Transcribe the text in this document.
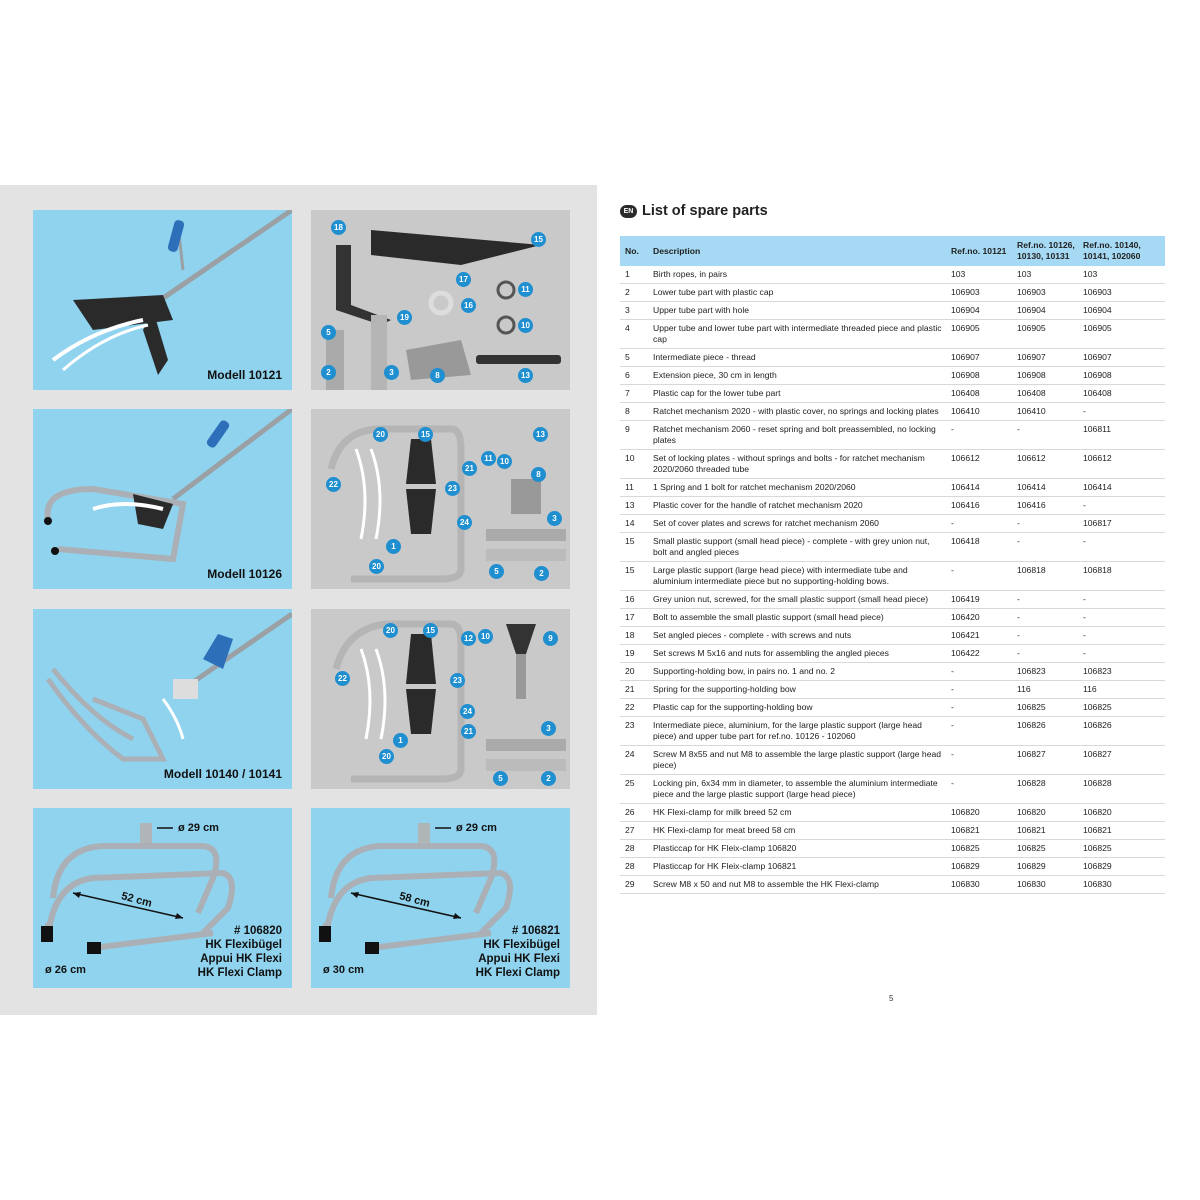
Modell 10121
18
15
17
16
11
19
10
5
2	3	8	13
Modell 10126
20	15	13
11 10
21
8
22	23
24
1
3
20
5	2
Modell 10140 / 10141
20	15
12	10	9
22	23
24
1
3
21
20
5	2
ø 29 cm
52 cm
ø 26 cm
# 106820
HK Flexibügel
Appui HK Flexi
HK Flexi Clamp
ø 29 cm
58 cm
ø 30 cm
# 106821
HK Flexibügel
Appui HK Flexi
HK Flexi Clamp
EN List of spare parts
No.	Description	Ref.no. 10121	Ref.no. 10126, 10130, 10131	Ref.no. 10140, 10141, 102060
1	Birth ropes, in pairs	103	103	103
2	Lower tube part with plastic cap	106903	106903	106903
3	Upper tube part with hole	106904	106904	106904
4	Upper tube and lower tube part with intermediate threaded piece and plastic cap	106905	106905	106905
5	Intermediate piece - thread	106907	106907	106907
6	Extension piece, 30 cm in length	106908	106908	106908
7	Plastic cap for the lower tube part	106408	106408	106408
8	Ratchet mechanism 2020 - with plastic cover, no springs and locking plates	106410	106410	-
9	Ratchet mechanism 2060 - reset spring and bolt preassembled, no locking plates	-	-	106811
10	Set of locking plates - without springs and bolts - for ratchet mechanism 2020/2060 threaded tube	106612	106612	106612
11	1 Spring and 1 bolt for ratchet mechanism 2020/2060	106414	106414	106414
13	Plastic cover for the handle of ratchet mechanism 2020	106416	106416	-
14	Set of cover plates and screws for ratchet mechanism 2060	-	-	106817
15	Small plastic support (small head piece) - complete - with grey union nut, bolt and angled pieces	106418	-	-
15	Large plastic support (large head piece) with intermediate tube and aluminium intermediate piece but no supporting-holding bows.	-	106818	106818
16	Grey union nut, screwed, for the small plastic support (small head piece)	106419	-	-
17	Bolt to assemble the small plastic support (small head piece)	106420	-	-
18	Set angled pieces - complete - with screws and nuts	106421	-	-
19	Set screws M 5x16 and nuts for assembling the angled pieces	106422	-	-
20	Supporting-holding bow, in pairs no. 1 and no. 2	-	106823	106823
21	Spring for the supporting-holding bow	-	116	116
22	Plastic cap for the supporting-holding bow	-	106825	106825
23	Intermediate piece, aluminium, for the large plastic support (large head piece) and upper tube part for ref.no. 10126 - 102060	-	106826	106826
24	Screw M 8x55 and nut M8 to assemble the large plastic support (large head piece)	-	106827	106827
25	Locking pin, 6x34 mm in diameter, to assemble the aluminium intermediate piece and the large plastic support (large head piece)	-	106828	106828
26	HK Flexi-clamp for milk breed 52 cm	106820	106820	106820
27	HK Flexi-clamp for meat breed 58 cm	106821	106821	106821
28	Plasticcap for HK Fleix-clamp 106820	106825	106825	106825
28	Plasticcap for HK Fleix-clamp 106821	106829	106829	106829
29	Screw M8 x 50 and nut M8 to assemble the HK Flexi-clamp	106830	106830	106830
5
